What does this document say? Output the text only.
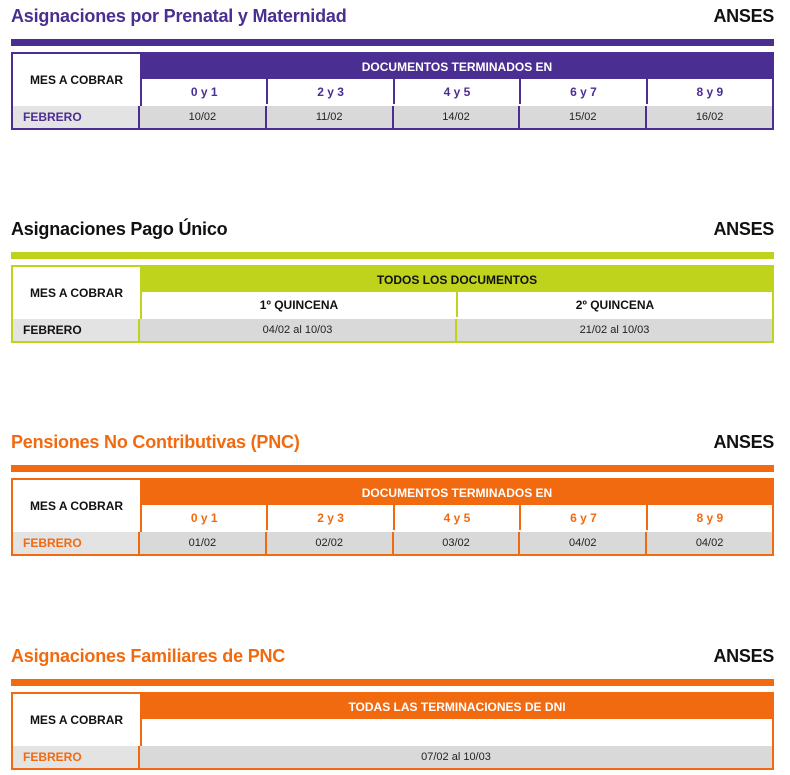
Asignaciones por Prenatal y Maternidad	ANSES
MES A COBRAR
DOCUMENTOS TERMINADOS EN
0 y 1	2 y 3	4 y 5	6 y 7	8 y 9
FEBRERO	10/02	11/02	14/02	15/02	16/02
Asignaciones Pago Único	ANSES
MES A COBRAR
TODOS LOS DOCUMENTOS
1º QUINCENA	2º QUINCENA
FEBRERO	04/02 al 10/03	21/02 al 10/03
Pensiones No Contributivas (PNC)	ANSES
MES A COBRAR
DOCUMENTOS TERMINADOS EN
0 y 1	2 y 3	4 y 5	6 y 7	8 y 9
FEBRERO	01/02	02/02	03/02	04/02	04/02
Asignaciones Familiares de PNC	ANSES
MES A COBRAR
TODAS LAS TERMINACIONES DE DNI
FEBRERO	07/02 al 10/03
